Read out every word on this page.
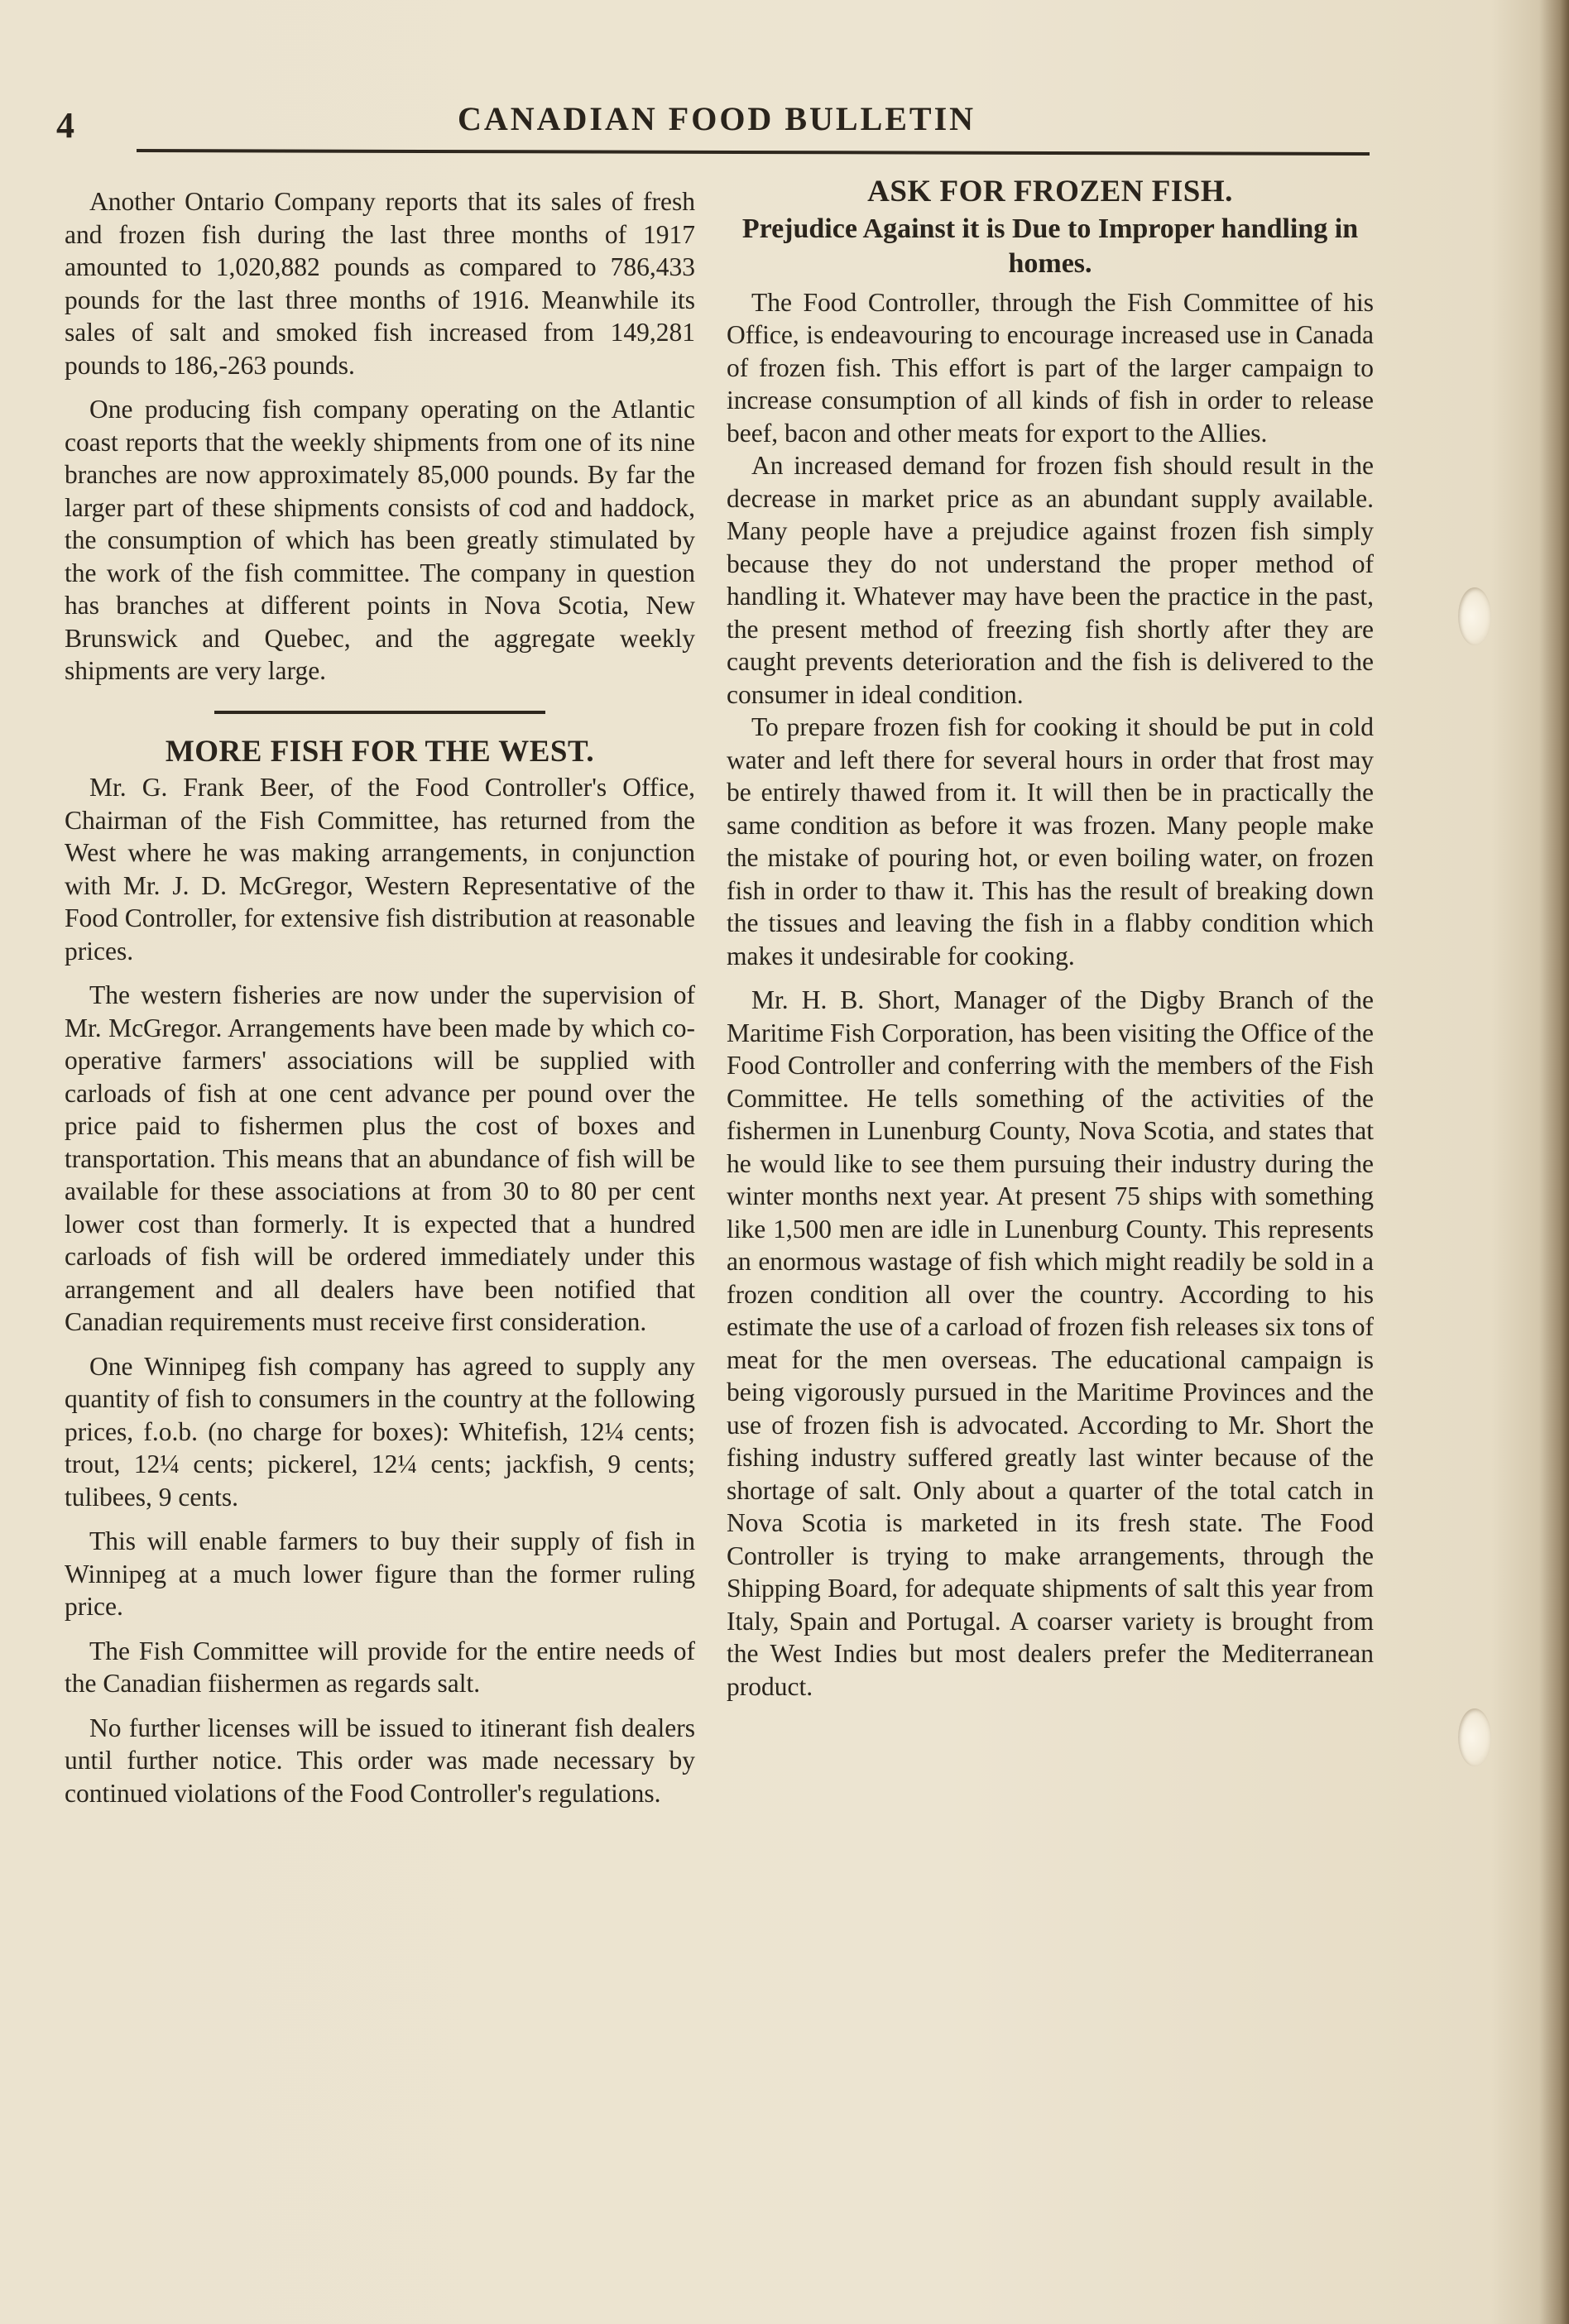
4	CANADIAN FOOD BULLETIN

Another Ontario Company reports that its sales of fresh and frozen fish during the last three months of 1917 amounted to 1,020,882 pounds as compared to 786,433 pounds for the last three months of 1916. Meanwhile its sales of salt and smoked fish increased from 149,281 pounds to 186,-263 pounds.

One producing fish company operating on the Atlantic coast reports that the weekly shipments from one of its nine branches are now approximately 85,000 pounds. By far the larger part of these shipments consists of cod and haddock, the consumption of which has been greatly stimulated by the work of the fish committee. The company in question has branches at different points in Nova Scotia, New Brunswick and Quebec, and the aggregate weekly shipments are very large.

MORE FISH FOR THE WEST.

Mr. G. Frank Beer, of the Food Controller's Office, Chairman of the Fish Committee, has returned from the West where he was making arrangements, in conjunction with Mr. J. D. McGregor, Western Representative of the Food Controller, for extensive fish distribution at reasonable prices.

The western fisheries are now under the supervision of Mr. McGregor. Arrangements have been made by which co-operative farmers' associations will be supplied with carloads of fish at one cent advance per pound over the price paid to fishermen plus the cost of boxes and transportation. This means that an abundance of fish will be available for these associations at from 30 to 80 per cent lower cost than formerly. It is expected that a hundred carloads of fish will be ordered immediately under this arrangement and all dealers have been notified that Canadian requirements must receive first consideration.

One Winnipeg fish company has agreed to supply any quantity of fish to consumers in the country at the following prices, f.o.b. (no charge for boxes): Whitefish, 12¼ cents; trout, 12¼ cents; pickerel, 12¼ cents; jackfish, 9 cents; tulibees, 9 cents.

This will enable farmers to buy their supply of fish in Winnipeg at a much lower figure than the former ruling price.

The Fish Committee will provide for the entire needs of the Canadian fiishermen as regards salt.

No further licenses will be issued to itinerant fish dealers until further notice. This order was made necessary by continued violations of the Food Controller's regulations.

ASK FOR FROZEN FISH.
Prejudice Against it is Due to Improper handling in homes.

The Food Controller, through the Fish Committee of his Office, is endeavouring to encourage increased use in Canada of frozen fish. This effort is part of the larger campaign to increase consumption of all kinds of fish in order to release beef, bacon and other meats for export to the Allies.

An increased demand for frozen fish should result in the decrease in market price as an abundant supply available. Many people have a prejudice against frozen fish simply because they do not understand the proper method of handling it. Whatever may have been the practice in the past, the present method of freezing fish shortly after they are caught prevents deterioration and the fish is delivered to the consumer in ideal condition.

To prepare frozen fish for cooking it should be put in cold water and left there for several hours in order that frost may be entirely thawed from it. It will then be in practically the same condition as before it was frozen. Many people make the mistake of pouring hot, or even boiling water, on frozen fish in order to thaw it. This has the result of breaking down the tissues and leaving the fish in a flabby condition which makes it undesirable for cooking.

Mr. H. B. Short, Manager of the Digby Branch of the Maritime Fish Corporation, has been visiting the Office of the Food Controller and conferring with the members of the Fish Committee. He tells something of the activities of the fishermen in Lunenburg County, Nova Scotia, and states that he would like to see them pursuing their industry during the winter months next year. At present 75 ships with something like 1,500 men are idle in Lunenburg County. This represents an enormous wastage of fish which might readily be sold in a frozen condition all over the country. According to his estimate the use of a carload of frozen fish releases six tons of meat for the men overseas. The educational campaign is being vigorously pursued in the Maritime Provinces and the use of frozen fish is advocated. According to Mr. Short the fishing industry suffered greatly last winter because of the shortage of salt. Only about a quarter of the total catch in Nova Scotia is marketed in its fresh state. The Food Controller is trying to make arrangements, through the Shipping Board, for adequate shipments of salt this year from Italy, Spain and Portugal. A coarser variety is brought from the West Indies but most dealers prefer the Mediterranean product.
